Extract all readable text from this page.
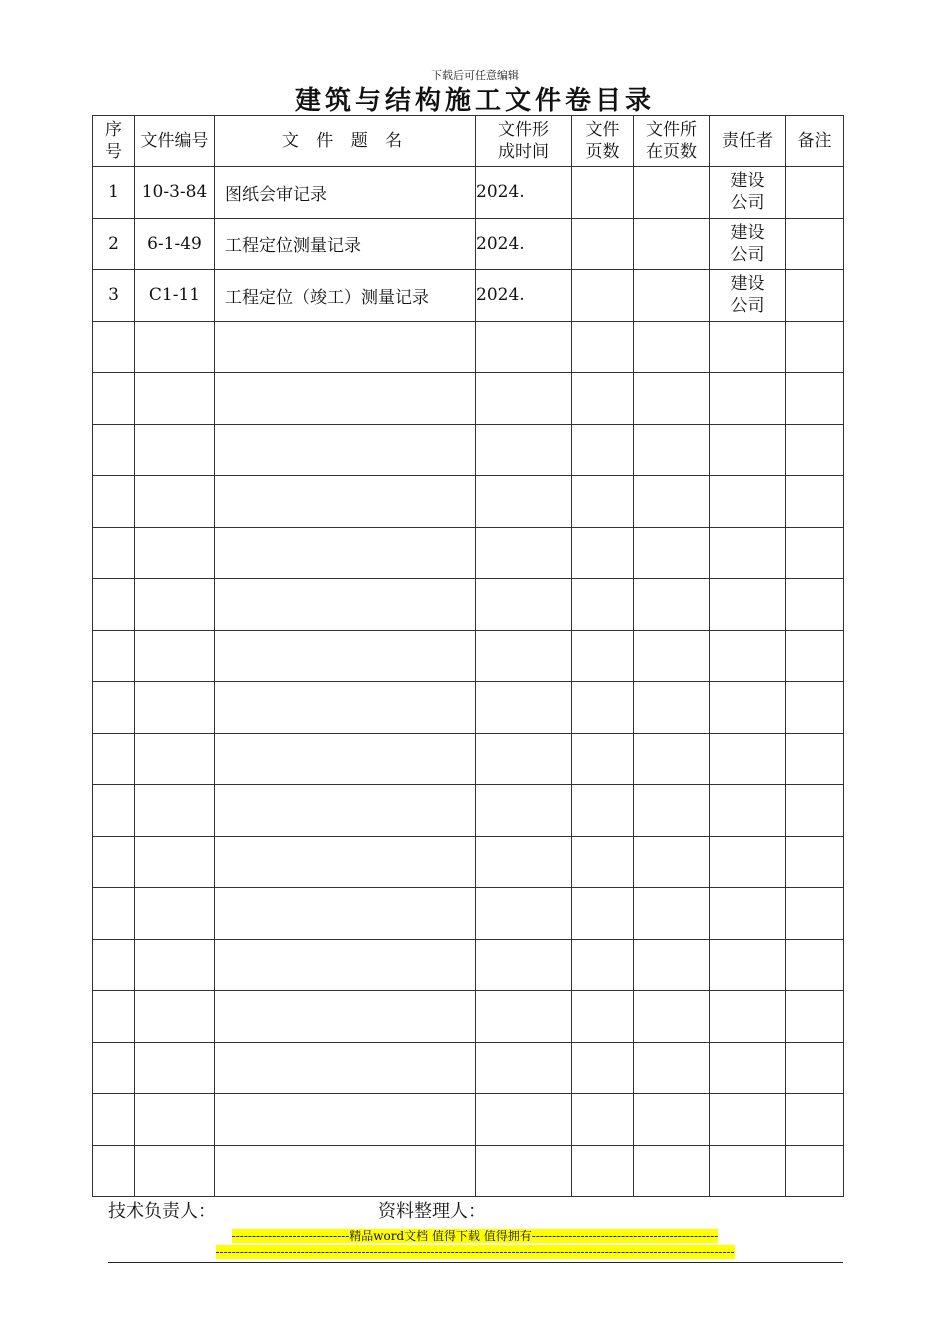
下载后可任意编辑
建筑与结构施工文件卷目录
序号	文件编号	文 件 题 名	文件形成时间	文件页数	文件所在页数	责任者	备注
1	10-3-84	图纸会审记录	2024.			建设公司	

2	6-1-49	工程定位测量记录	2024.			建设公司	

3	C1-11	工程定位（竣工）测量记录	2024.			建设公司	

技术负责人：	资料整理人：
-----------------------------精品word文档 值得下载 值得拥有----------------------------------------------
--------------------------------------------------------------------------------------------------------------------------------
